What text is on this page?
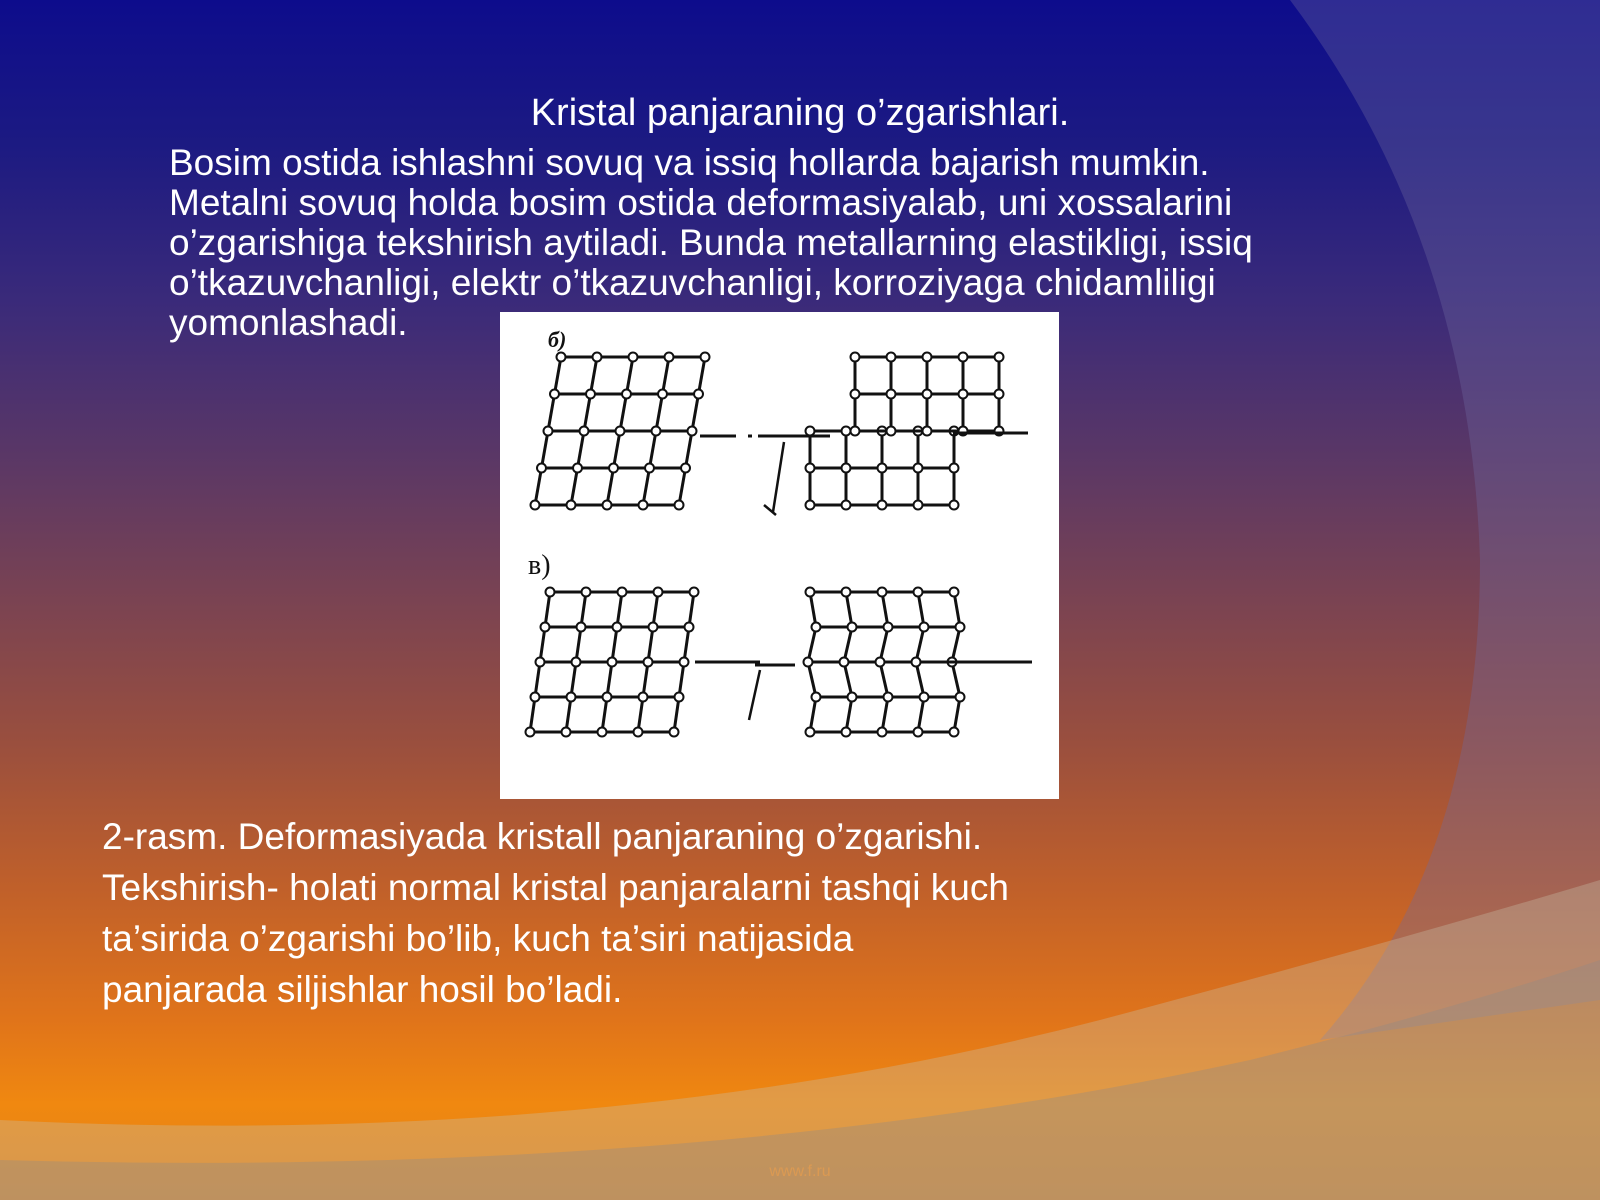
Kristal panjaraning o’zgarishlari.
Bosim ostida ishlashni sovuq va issiq hollarda bajarish mumkin.
Metalni sovuq holda bosim ostida deformasiyalab, uni xossalarini
o’zgarishiga tekshirish aytiladi. Bunda metallarning elastikligi, issiq
o’tkazuvchanligi, elektr o’tkazuvchanligi, korroziyaga chidamliligi
yomonlashadi.	б)
в)
2-rasm. Deformasiyada kristall panjaraning o’zgarishi.
Tekshirish- holati normal kristal panjaralarni tashqi kuch
ta’sirida o’zgarishi bo’lib, kuch ta’siri natijasida
panjarada siljishlar hosil bo’ladi.
www.f.ru
